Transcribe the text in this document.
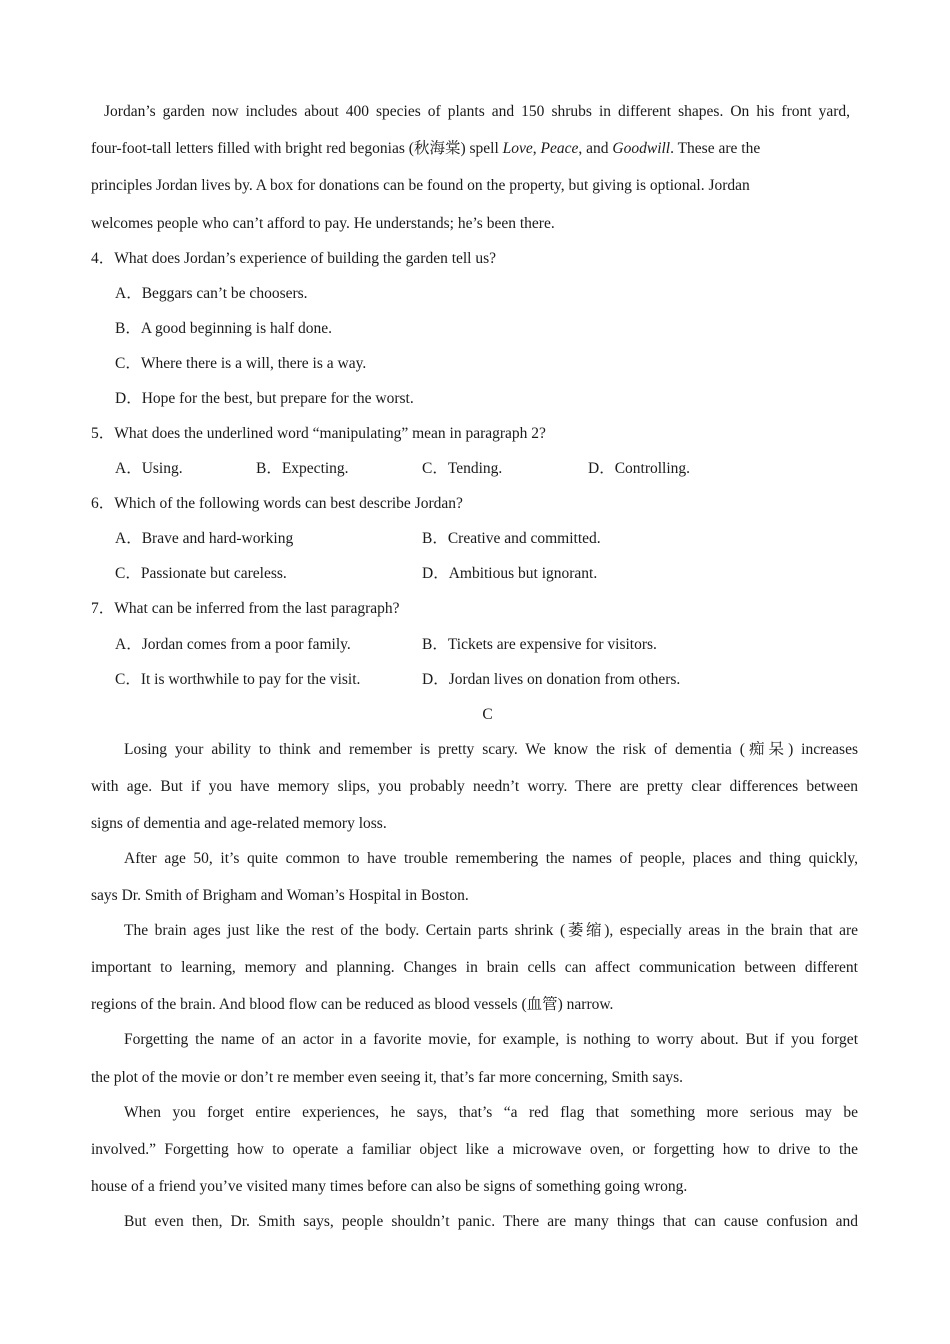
Jordan’s garden now includes about 400 species of plants and 150 shrubs in different shapes. On his front yard,
four-foot-tall letters filled with bright red begonias (秋海棠) spell Love, Peace, and Goodwill. These are the
principles Jordan lives by. A box for donations can be found on the property, but giving is optional. Jordan
welcomes people who can’t afford to pay. He understands; he’s been there.
4．What does Jordan’s experience of building the garden tell us?
A．Beggars can’t be choosers.
B．A good beginning is half done.
C．Where there is a will, there is a way.
D．Hope for the best, but prepare for the worst.
5．What does the underlined word “manipulating” mean in paragraph 2?
A．Using.	B．Expecting.	C．Tending.	D．Controlling.
6．Which of the following words can best describe Jordan?
A．Brave and hard-working	B．Creative and committed.
C．Passionate but careless.	D．Ambitious but ignorant.
7．What can be inferred from the last paragraph?
A．Jordan comes from a poor family.	B．Tickets are expensive for visitors.
C．It is worthwhile to pay for the visit.	D．Jordan lives on donation from others.
C
Losing your ability to think and remember is pretty scary. We know the risk of dementia (痴呆) increases
with age. But if you have memory slips, you probably needn’t worry. There are pretty clear differences between
signs of dementia and age-related memory loss.
After age 50, it’s quite common to have trouble remembering the names of people, places and thing quickly,
says Dr. Smith of Brigham and Woman’s Hospital in Boston.
The brain ages just like the rest of the body. Certain parts shrink (萎缩), especially areas in the brain that are
important to learning, memory and planning. Changes in brain cells can affect communication between different
regions of the brain. And blood flow can be reduced as blood vessels (血管) narrow.
Forgetting the name of an actor in a favorite movie, for example, is nothing to worry about. But if you forget
the plot of the movie or don’t re member even seeing it, that’s far more concerning, Smith says.
When you forget entire experiences, he says, that’s “a red flag that something more serious may be
involved.” Forgetting how to operate a familiar object like a microwave oven, or forgetting how to drive to the
house of a friend you’ve visited many times before can also be signs of something going wrong.
But even then, Dr. Smith says, people shouldn’t panic. There are many things that can cause confusion and
